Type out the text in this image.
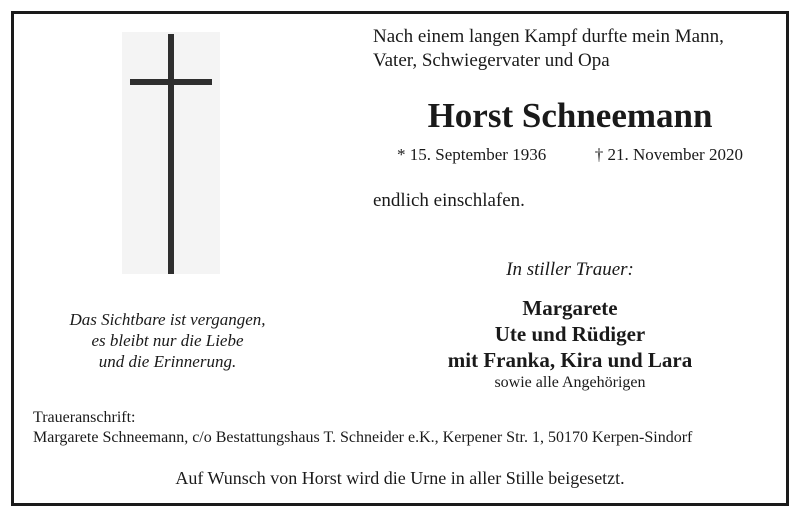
Nach einem langen Kampf durfte mein Mann,
Vater, Schwiegervater und Opa
Horst Schneemann
* 15. September 1936	† 21. November 2020
endlich einschlafen.
Das Sichtbare ist vergangen,
es bleibt nur die Liebe
und die Erinnerung.
In stiller Trauer:
Margarete
Ute und Rüdiger
mit Franka, Kira und Lara
sowie alle Angehörigen
Traueranschrift:
Margarete Schneemann, c/o Bestattungshaus T. Schneider e.K., Kerpener Str. 1, 50170 Kerpen-Sindorf
Auf Wunsch von Horst wird die Urne in aller Stille beigesetzt.
